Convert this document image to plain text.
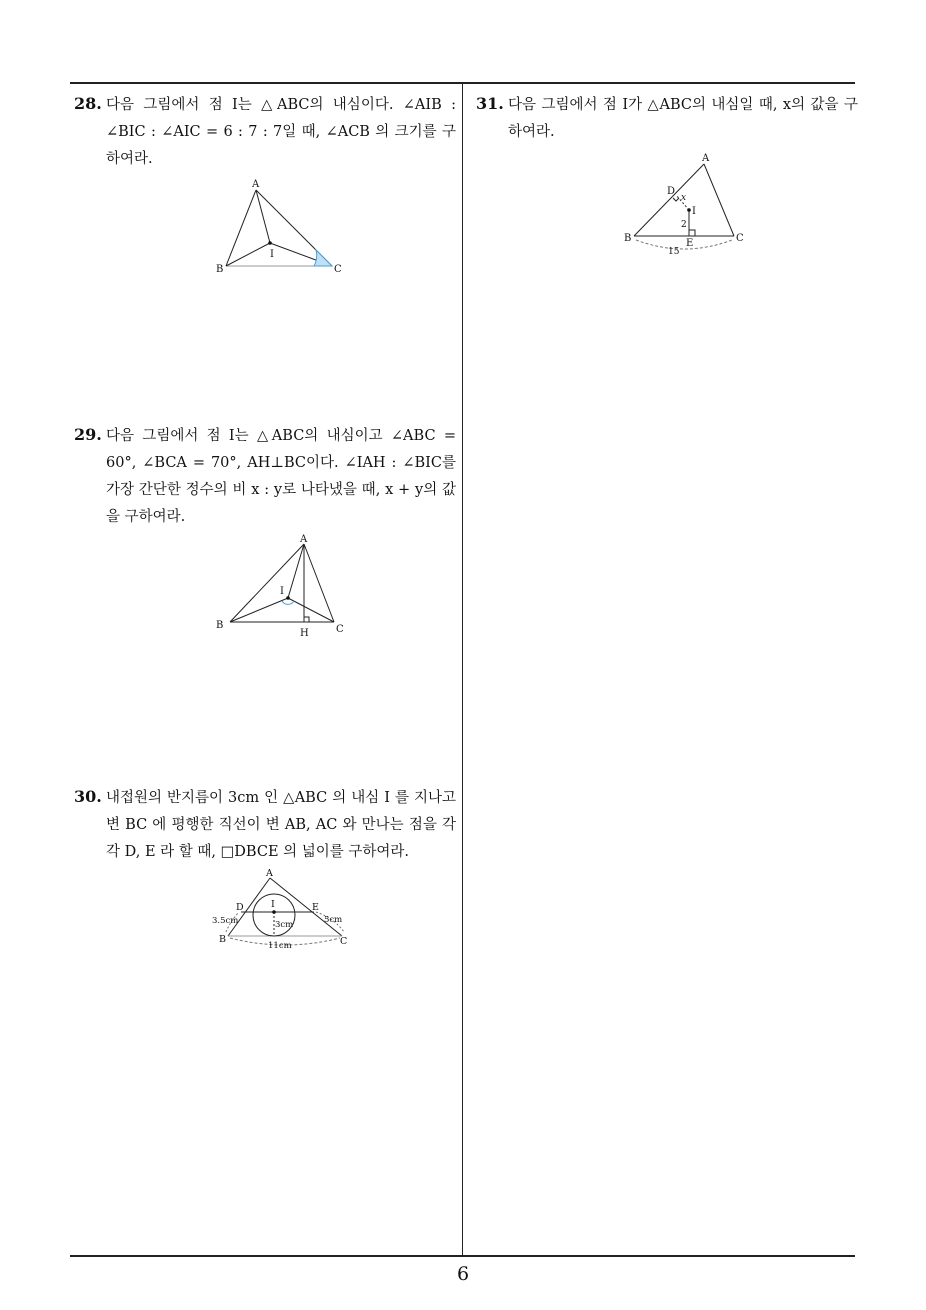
28. 다음 그림에서 점 I는 △ABC의 내심이다. ∠AIB : ∠BIC : ∠AIC = 6 : 7 : 7일 때, ∠ACB 의 크기를 구하여라.
A
B	C
I
29. 다음 그림에서 점 I는 △ABC의 내심이고 ∠ABC = 60°, ∠BCA = 70°, AH⊥BC이다. ∠IAH : ∠BIC를 가장 간단한 정수의 비 x : y로 나타냈을 때, x + y의 값을 구하여라.
A
B	C
H
I
30. 내접원의 반지름이 3cm 인 △ABC 의 내심 I 를 지나고 변 BC 에 평행한 직선이 변 AB, AC 와 만나는 점을 각각 D, E 라 할 때, □DBCE 의 넓이를 구하여라.
A
D	E
I
B	C
3.5cm	5cm
3cm
11cm
31. 다음 그림에서 점 I가 △ABC의 내심일 때, x의 값을 구하여라.
A
D
x
I
2
E
B	C
15
6
